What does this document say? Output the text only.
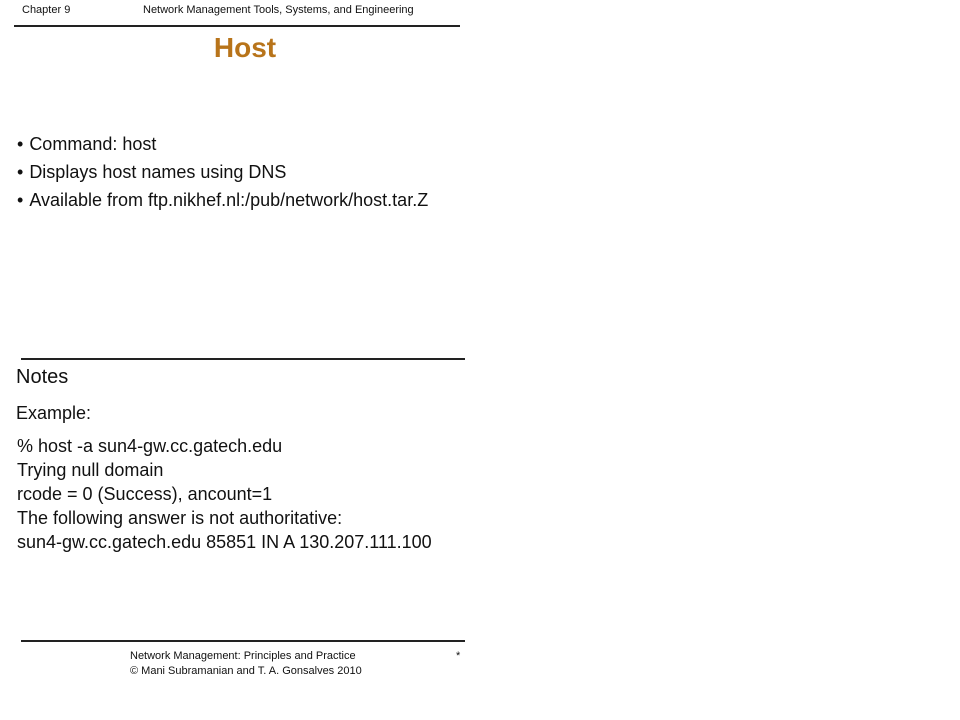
Chapter 9	Network Management Tools, Systems, and Engineering
Host
• Command: host
• Displays host names using DNS
• Available from ftp.nikhef.nl:/pub/network/host.tar.Z
Notes
Example:
% host -a sun4-gw.cc.gatech.edu
Trying null domain
rcode = 0 (Success), ancount=1
The following answer is not authoritative:
sun4-gw.cc.gatech.edu 85851 IN A 130.207.111.100
Network Management: Principles and Practice
© Mani Subramanian and T. A. Gonsalves 2010
*
